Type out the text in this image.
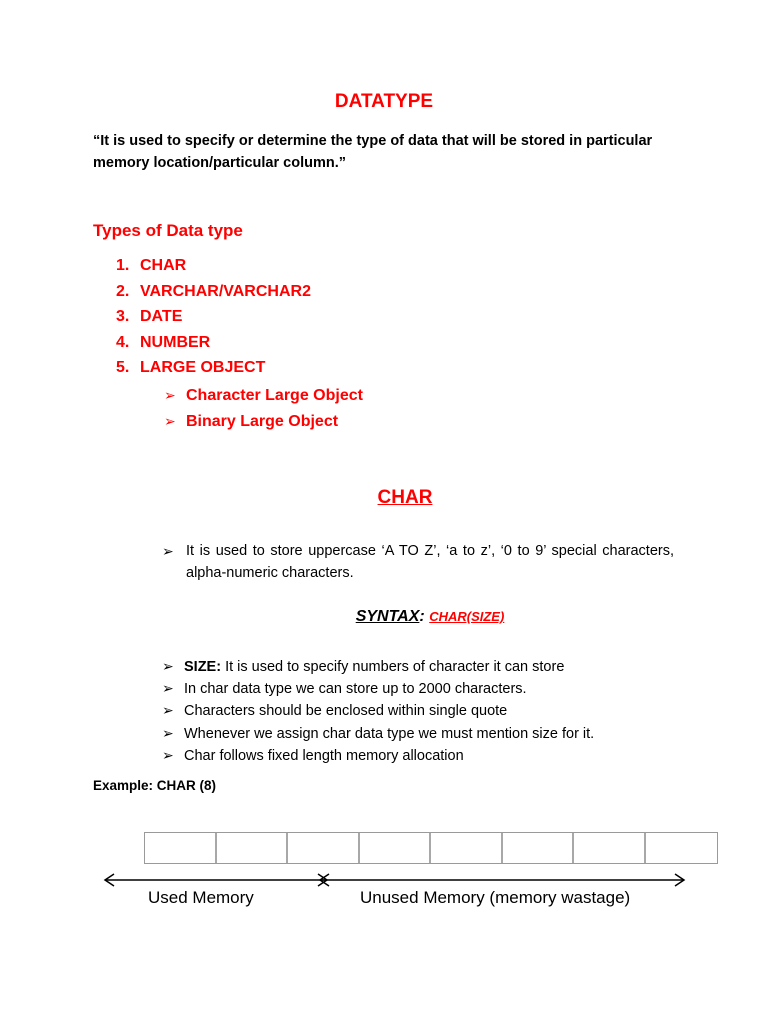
DATATYPE
“It is used to specify or determine the type of data that will be stored in particular memory location/particular column.”
Types of Data type
1. CHAR
2. VARCHAR/VARCHAR2
3. DATE
4. NUMBER
5. LARGE OBJECT
➢ Character Large Object
➢ Binary Large Object
CHAR
➢ It is used to store uppercase ‘A TO Z’, ‘a to z’, ‘0 to 9’ special characters, alpha-numeric characters.
SYNTAX: CHAR(SIZE)
➢ SIZE: It is used to specify numbers of character it can store
➢ In char data type we can store up to 2000 characters.
➢ Characters should be enclosed within single quote
➢ Whenever we assign char data type we must mention size for it.
➢ Char follows fixed length memory allocation
Example: CHAR (8)
Used Memory	Unused Memory (memory wastage)
